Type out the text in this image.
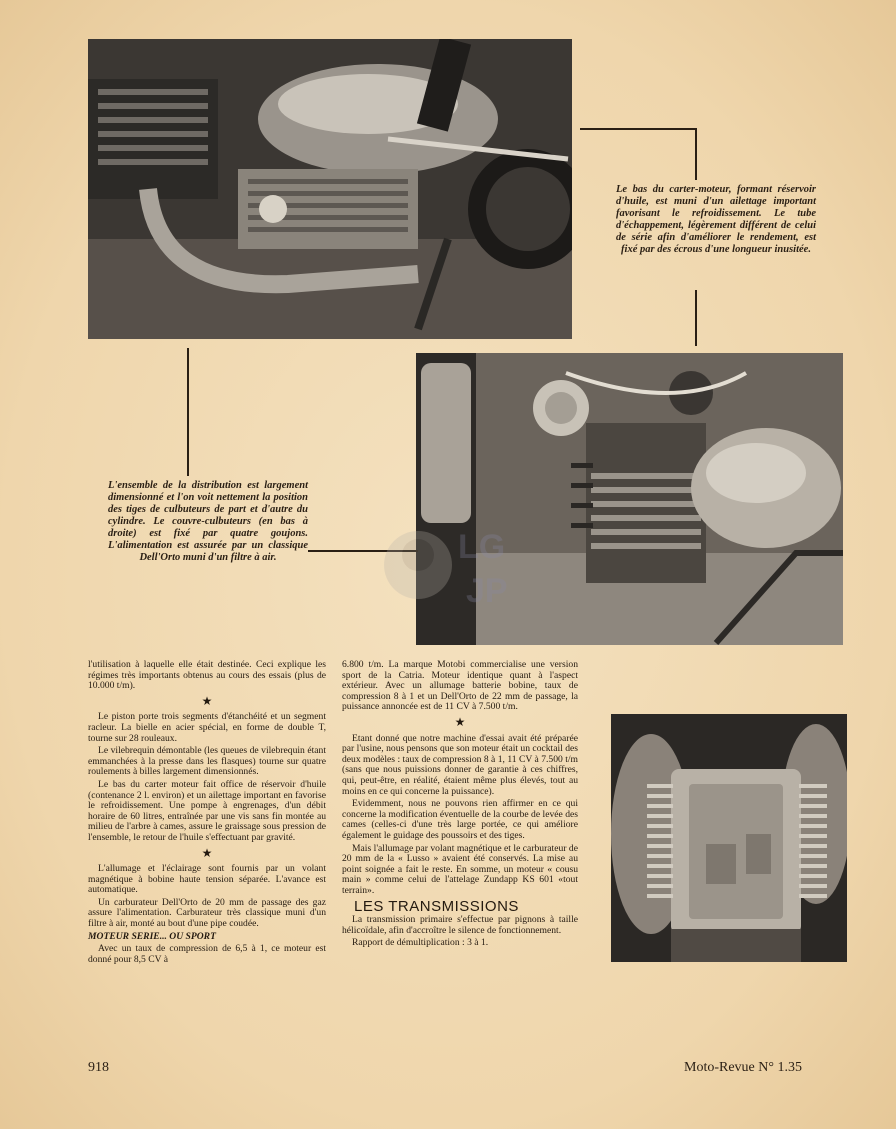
Le bas du carter-moteur, formant réservoir d'huile, est muni d'un ailettage important favorisant le refroidissement. Le tube d'échappement, légèrement différent de celui de série afin d'améliorer le rendement, est fixé par des écrous d'une longueur inusitée.
L'ensemble de la distribution est largement dimensionné et l'on voit nettement la position des tiges de culbuteurs de part et d'autre du cylindre. Le couvre-culbuteurs (en bas à droite) est fixé par quatre goujons. L'alimentation est assurée par un classique Dell'Orto muni d'un filtre à air.	LG
JP

l'utilisation à laquelle elle était destinée. Ceci explique les régimes très importants obtenus au cours des essais (plus de 10.000 t/m).

★

Le piston porte trois segments d'étanchéité et un segment racleur. La bielle en acier spécial, en forme de double T, tourne sur 28 rouleaux.

Le vilebrequin démontable (les queues de vilebrequin étant emmanchées à la presse dans les flasques) tourne sur quatre roulements à billes largement dimensionnés.

Le bas du carter moteur fait office de réservoir d'huile (contenance 2 l. environ) et un ailettage important en favorise le refroidissement. Une pompe à engrenages, d'un débit horaire de 60 litres, entraînée par une vis sans fin montée au milieu de l'arbre à cames, assure le graissage sous pression de l'ensemble, le retour de l'huile s'effectuant par gravité.

★

L'allumage et l'éclairage sont fournis par un volant magnétique à bobine haute tension séparée. L'avance est automatique.

Un carburateur Dell'Orto de 20 mm de passage des gaz assure l'alimentation. Carburateur très classique muni d'un filtre à air, monté au bout d'une pipe coudée.

MOTEUR SERIE... OU SPORT

Avec un taux de compression de 6,5 à 1, ce moteur est donné pour 8,5 CV à

6.800 t/m. La marque Motobi commercialise une version sport de la Catria. Moteur identique quant à l'aspect extérieur. Avec un allumage batterie bobine, taux de compression 8 à 1 et un Dell'Orto de 22 mm de passage, la puissance annoncée est de 11 CV à 7.500 t/m.

★

Etant donné que notre machine d'essai avait été préparée par l'usine, nous pensons que son moteur était un cocktail des deux modèles : taux de compression 8 à 1, 11 CV à 7.500 t/m (sans que nous puissions donner de garantie à ces chiffres, qui, peut-être, en réalité, étaient même plus élevés, tout au moins en ce qui concerne la puissance).

Evidemment, nous ne pouvons rien affirmer en ce qui concerne la modification éventuelle de la courbe de levée des cames (celles-ci d'une très large portée, ce qui améliore également le guidage des poussoirs et des tiges.

Mais l'allumage par volant magnétique et le carburateur de 20 mm de la « Lusso » avaient été conservés. La mise au point soignée a fait le reste. En somme, un moteur « cousu main » comme celui de l'attelage Zundapp KS 601 «tout terrain».

LES TRANSMISSIONS

La transmission primaire s'effectue par pignons à taille hélicoïdale, afin d'accroître le silence de fonctionnement.

Rapport de démultiplication : 3 à 1.

918	Moto-Revue N° 1.35
